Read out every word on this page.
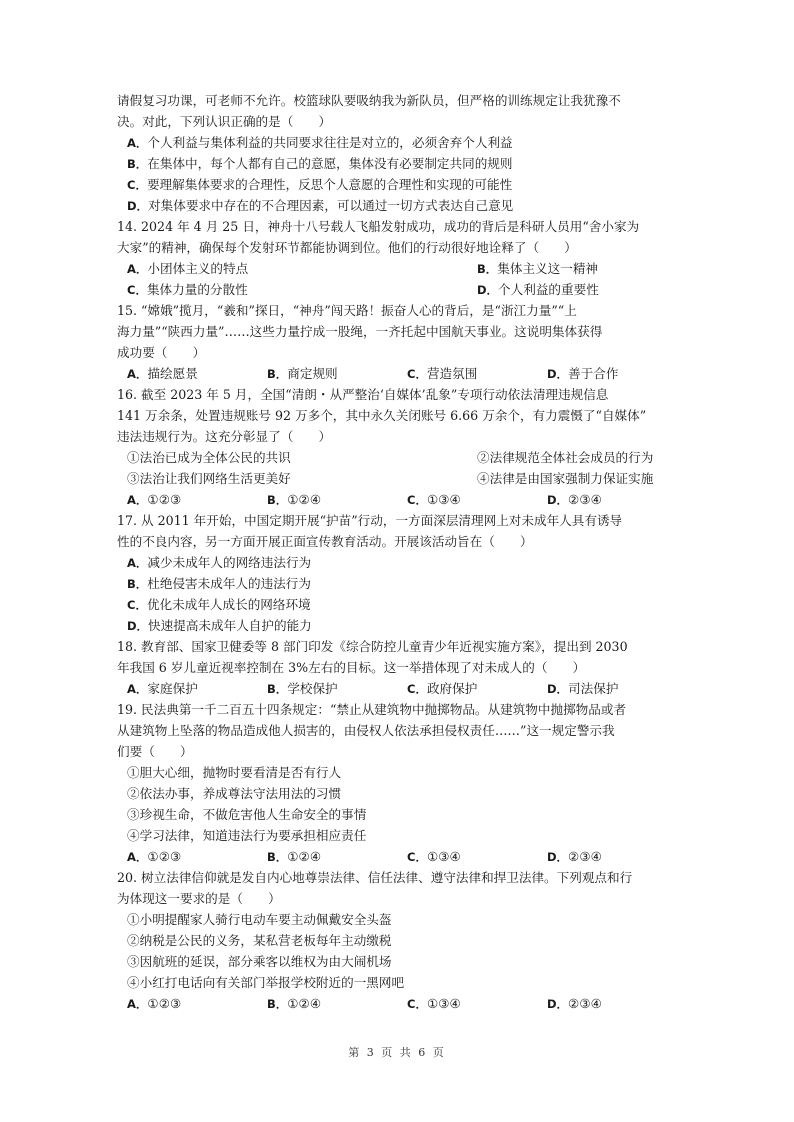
请假复习功课，可老师不允许。校篮球队要吸纳我为新队员，但严格的训练规定让我犹豫不
决。对此，下列认识正确的是（　　）
A．个人利益与集体利益的共同要求往往是对立的，必须舍弃个人利益
B．在集体中，每个人都有自己的意愿，集体没有必要制定共同的规则
C．要理解集体要求的合理性，反思个人意愿的合理性和实现的可能性
D．对集体要求中存在的不合理因素，可以通过一切方式表达自己意见
14. 2024 年 4 月 25 日，神舟十八号载人飞船发射成功，成功的背后是科研人员用“舍小家为
大家”的精神，确保每个发射环节都能协调到位。他们的行动很好地诠释了（　　）
A．小团体主义的特点	B．集体主义这一精神
C．集体力量的分散性	D．个人利益的重要性
15. “嫦娥”揽月，“羲和”探日，“神舟”闯天路！振奋人心的背后，是“浙江力量”“上
海力量”“陕西力量”……这些力量拧成一股绳，一齐托起中国航天事业。这说明集体获得
成功要（　　）
A．描绘愿景	B．商定规则	C．营造氛围	D．善于合作
16. 截至 2023 年 5 月，全国“清朗・从严整治‘自媒体’乱象”专项行动依法清理违规信息
141 万余条，处置违规账号 92 万多个，其中永久关闭账号 6.66 万余个，有力震慑了“自媒体”
违法违规行为。这充分彰显了（　　）
①法治已成为全体公民的共识	②法律规范全体社会成员的行为
③法治让我们网络生活更美好	④法律是由国家强制力保证实施
A．①②③	B．①②④	C．①③④	D．②③④
17. 从 2011 年开始，中国定期开展“护苗”行动，一方面深层清理网上对未成年人具有诱导
性的不良内容，另一方面开展正面宣传教育活动。开展该活动旨在（　　）
A．减少未成年人的网络违法行为
B．杜绝侵害未成年人的违法行为
C．优化未成年人成长的网络环境
D．快速提高未成年人自护的能力
18. 教育部、国家卫健委等 8 部门印发《综合防控儿童青少年近视实施方案》，提出到 2030
年我国 6 岁儿童近视率控制在 3%左右的目标。这一举措体现了对未成人的（　　）
A．家庭保护	B．学校保护	C．政府保护	D．司法保护
19. 民法典第一千二百五十四条规定：“禁止从建筑物中抛掷物品。从建筑物中抛掷物品或者
从建筑物上坠落的物品造成他人损害的，由侵权人依法承担侵权责任……”这一规定警示我
们要（　　）
①胆大心细，抛物时要看清是否有行人
②依法办事，养成尊法守法用法的习惯
③珍视生命，不做危害他人生命安全的事情
④学习法律，知道违法行为要承担相应责任
A．①②③	B．①②④	C．①③④	D．②③④
20. 树立法律信仰就是发自内心地尊崇法律、信任法律、遵守法律和捍卫法律。下列观点和行
为体现这一要求的是（　　）
①小明提醒家人骑行电动车要主动佩戴安全头盔
②纳税是公民的义务，某私营老板每年主动缴税
③因航班的延误，部分乘客以维权为由大闹机场
④小红打电话向有关部门举报学校附近的一黑网吧
A．①②③	B．①②④	C．①③④	D．②③④
第 3 页 共 6 页
